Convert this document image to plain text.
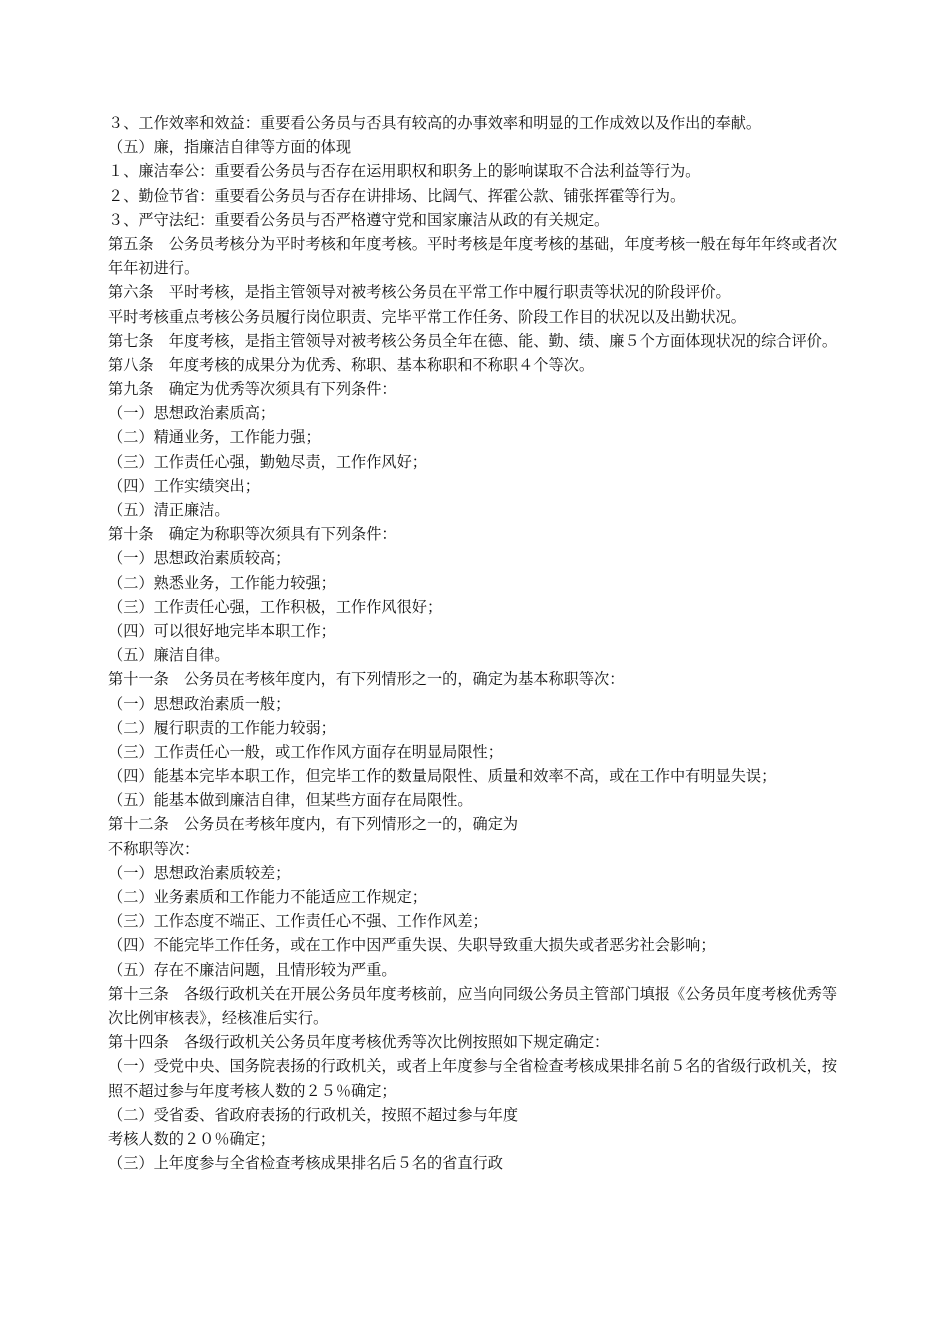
３、工作效率和效益：重要看公务员与否具有较高的办事效率和明显的工作成效以及作出的奉献。
（五）廉，指廉洁自律等方面的体现
１、廉洁奉公：重要看公务员与否存在运用职权和职务上的影响谋取不合法利益等行为。
２、勤俭节省：重要看公务员与否存在讲排场、比阔气、挥霍公款、铺张挥霍等行为。
３、严守法纪：重要看公务员与否严格遵守党和国家廉洁从政的有关规定。
第五条　公务员考核分为平时考核和年度考核。平时考核是年度考核的基础，年度考核一般在每年年终或者次年年初进行。
第六条　平时考核，是指主管领导对被考核公务员在平常工作中履行职责等状况的阶段评价。
平时考核重点考核公务员履行岗位职责、完毕平常工作任务、阶段工作目的状况以及出勤状况。
第七条　年度考核，是指主管领导对被考核公务员全年在德、能、勤、绩、廉５个方面体现状况的综合评价。
第八条　年度考核的成果分为优秀、称职、基本称职和不称职４个等次。
第九条　确定为优秀等次须具有下列条件：
（一）思想政治素质高；
（二）精通业务，工作能力强；
（三）工作责任心强，勤勉尽责，工作作风好；
（四）工作实绩突出；
（五）清正廉洁。
第十条　确定为称职等次须具有下列条件：
（一）思想政治素质较高；
（二）熟悉业务，工作能力较强；
（三）工作责任心强，工作积极，工作作风很好；
（四）可以很好地完毕本职工作；
（五）廉洁自律。
第十一条　公务员在考核年度内，有下列情形之一的，确定为基本称职等次：
（一）思想政治素质一般；
（二）履行职责的工作能力较弱；
（三）工作责任心一般，或工作作风方面存在明显局限性；
（四）能基本完毕本职工作，但完毕工作的数量局限性、质量和效率不高，或在工作中有明显失误；
（五）能基本做到廉洁自律，但某些方面存在局限性。
第十二条　公务员在考核年度内，有下列情形之一的，确定为
不称职等次：
（一）思想政治素质较差；
（二）业务素质和工作能力不能适应工作规定；
（三）工作态度不端正、工作责任心不强、工作作风差；
（四）不能完毕工作任务，或在工作中因严重失误、失职导致重大损失或者恶劣社会影响；
（五）存在不廉洁问题，且情形较为严重。
第十三条　各级行政机关在开展公务员年度考核前，应当向同级公务员主管部门填报《公务员年度考核优秀等次比例审核表》，经核准后实行。
第十四条　各级行政机关公务员年度考核优秀等次比例按照如下规定确定：
（一）受党中央、国务院表扬的行政机关，或者上年度参与全省检查考核成果排名前５名的省级行政机关，按照不超过参与年度考核人数的２５％确定；
（二）受省委、省政府表扬的行政机关，按照不超过参与年度
考核人数的２０％确定；
（三）上年度参与全省检查考核成果排名后５名的省直行政
